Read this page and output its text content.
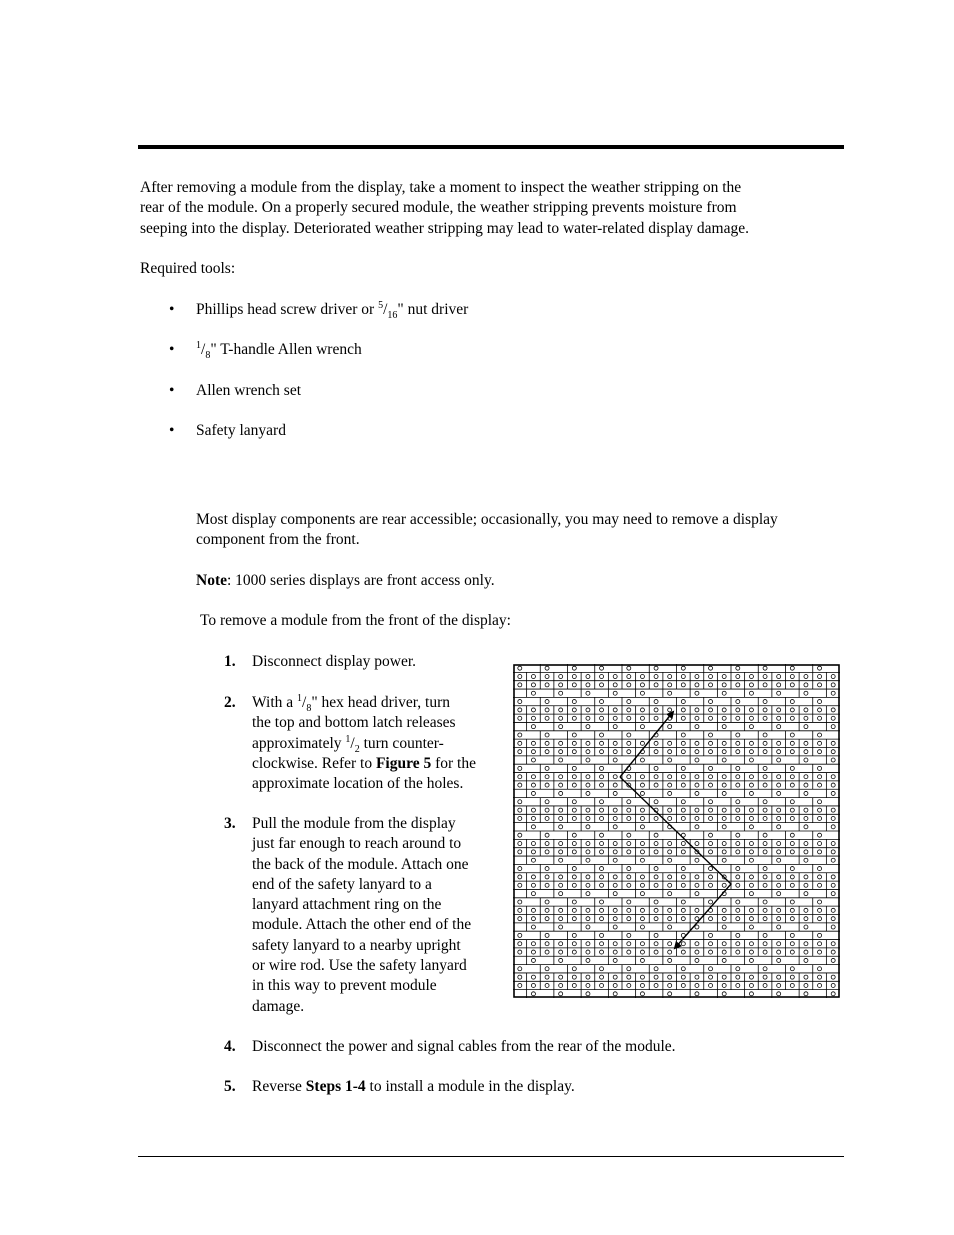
After removing a module from the display, take a moment to inspect the weather stripping on the
rear of the module. On a properly secured module, the weather stripping prevents moisture from
seeping into the display. Deteriorated weather stripping may lead to water-related display damage.

Required tools:

• Phillips head screw driver or $^5/_{16}$" nut driver
• $^1/_8$" T-handle Allen wrench
• Allen wrench set
• Safety lanyard

Most display components are rear accessible; occasionally, you may need to remove a display
component from the front.

Note: 1000 series displays are front access only.

To remove a module from the front of the display:

1. Disconnect display power.
2. With a $^1/_8$" hex head driver, turn
the top and bottom latch releases
approximately $^1/_2$ turn counter-
clockwise. Refer to Figure 5 for the
approximate location of the holes.
3. Pull the module from the display
just far enough to reach around to
the back of the module. Attach one
end of the safety lanyard to a
lanyard attachment ring on the
module. Attach the other end of the
safety lanyard to a nearby upright
or wire rod. Use the safety lanyard
in this way to prevent module
damage.
4. Disconnect the power and signal cables from the rear of the module.
5. Reverse Steps 1-4 to install a module in the display.
